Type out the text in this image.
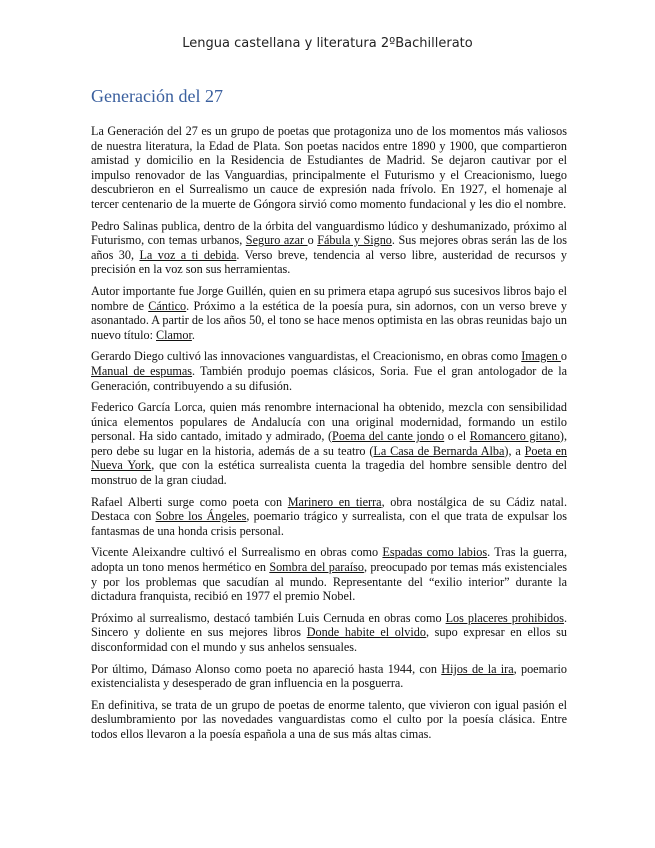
Lengua castellana y literatura 2ºBachillerato
Generación del 27

La Generación del 27 es un grupo de poetas que protagoniza uno de los momentos más valiosos de nuestra literatura, la Edad de Plata. Son poetas nacidos entre 1890 y 1900, que compartieron amistad y domicilio en la Residencia de Estudiantes de Madrid. Se dejaron cautivar por el impulso renovador de las Vanguardias, principalmente el Futurismo y el Creacionismo, luego descubrieron en el Surrealismo un cauce de expresión nada frívolo. En 1927, el homenaje al tercer centenario de la muerte de Góngora sirvió como momento fundacional y les dio el nombre.

Pedro Salinas publica, dentro de la órbita del vanguardismo lúdico y deshumanizado, próximo al Futurismo, con temas urbanos, Seguro azar o Fábula y Signo. Sus mejores obras serán las de los años 30, La voz a ti debida. Verso breve, tendencia al verso libre, austeridad de recursos y precisión en la voz son sus herramientas.

Autor importante fue Jorge Guillén, quien en su primera etapa agrupó sus sucesivos libros bajo el nombre de Cántico. Próximo a la estética de la poesía pura, sin adornos, con un verso breve y asonantado. A partir de los años 50, el tono se hace menos optimista en las obras reunidas bajo un nuevo título: Clamor.

Gerardo Diego cultivó las innovaciones vanguardistas, el Creacionismo, en obras como Imagen o Manual de espumas. También produjo poemas clásicos, Soria. Fue el gran antologador de la Generación, contribuyendo a su difusión.

Federico García Lorca, quien más renombre internacional ha obtenido, mezcla con sensibilidad única elementos populares de Andalucía con una original modernidad, formando un estilo personal. Ha sido cantado, imitado y admirado, (Poema del cante jondo o el Romancero gitano), pero debe su lugar en la historia, además de a su teatro (La Casa de Bernarda Alba), a Poeta en Nueva York, que con la estética surrealista cuenta la tragedia del hombre sensible dentro del monstruo de la gran ciudad.

Rafael Alberti surge como poeta con Marinero en tierra, obra nostálgica de su Cádiz natal. Destaca con Sobre los Ángeles, poemario trágico y surrealista, con el que trata de expulsar los fantasmas de una honda crisis personal.

Vicente Aleixandre cultivó el Surrealismo en obras como Espadas como labios. Tras la guerra, adopta un tono menos hermético en Sombra del paraíso, preocupado por temas más existenciales y por los problemas que sacudían al mundo. Representante del “exilio interior” durante la dictadura franquista, recibió en 1977 el premio Nobel.

Próximo al surrealismo, destacó también Luis Cernuda en obras como Los placeres prohibidos. Sincero y doliente en sus mejores libros Donde habite el olvido, supo expresar en ellos su disconformidad con el mundo y sus anhelos sensuales.

Por último, Dámaso Alonso como poeta no apareció hasta 1944, con Hijos de la ira, poemario existencialista y desesperado de gran influencia en la posguerra.

En definitiva, se trata de un grupo de poetas de enorme talento, que vivieron con igual pasión el deslumbramiento por las novedades vanguardistas como el culto por la poesía clásica. Entre todos ellos llevaron a la poesía española a una de sus más altas cimas.
